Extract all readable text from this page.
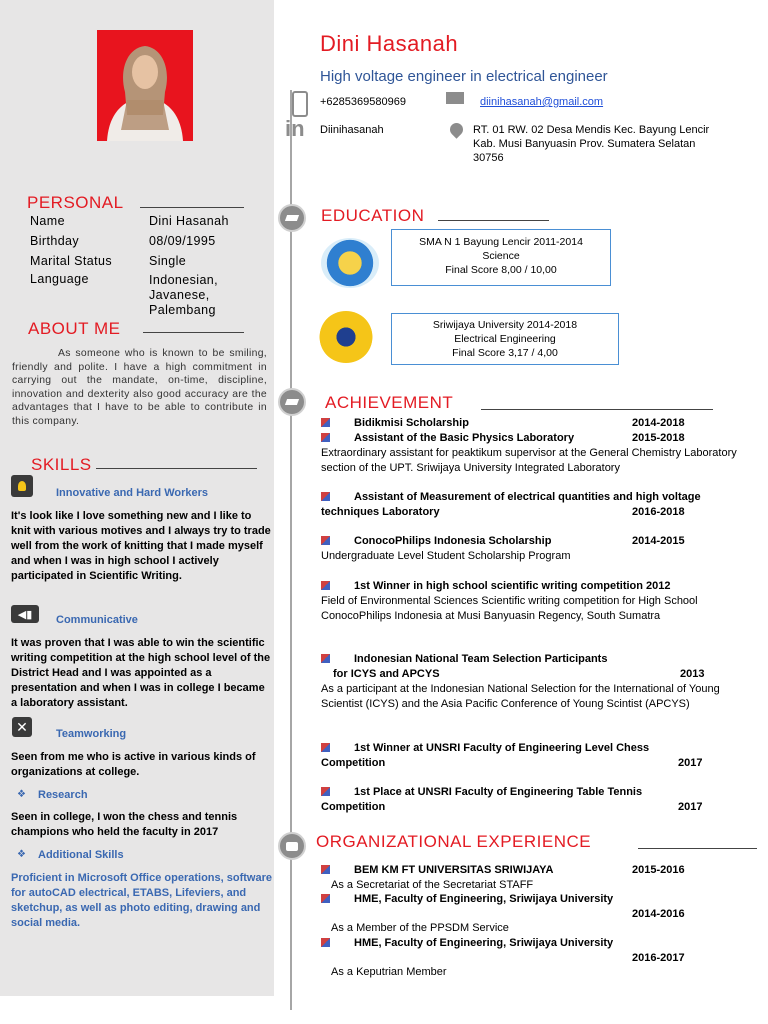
Dini Hasanah
High voltage engineer in electrical engineer
+6285369580969	diinihasanah@gmail.com
in Diinihasanah	RT. 01 RW. 02 Desa Mendis Kec. Bayung Lencir
Kab. Musi Banyuasin Prov. Sumatera Selatan
30756
PERSONAL
Name	Dini Hasanah
Birthday	08/09/1995
Marital Status	Single
Language	Indonesian,
Javanese,
Palembang
ABOUT ME
As someone who is known to be smiling, friendly and polite. I have a high commitment in carrying out the mandate, on-time, discipline, innovation and dexterity also good accuracy are the advantages that I have to be able to contribute in this company.
SKILLS
Innovative and Hard Workers
It's look like I love something new and I like to knit with various motives and I always try to trade well from the work of knitting that I made myself and when I was in high school I actively participated in Scientific Writing.
◀▮	Communicative
It was proven that I was able to win the scientific writing competition at the high school level of the District Head and I was appointed as a presentation and when I was in college I became a laboratory assistant.
✕	Teamworking
Seen from me who is active in various kinds of organizations at college.
❖ Research
Seen in college, I won the chess and tennis champions who held the faculty in 2017
❖ Additional Skills
Proficient in Microsoft Office operations, software for autoCAD electrical, ETABS, Lifeviers, and sketchup, as well as photo editing, drawing and social media.
EDUCATION
SMA N 1 Bayung Lencir 2011-2014
Science
Final Score 8,00 / 10,00
Sriwijaya University 2014-2018
Electrical Engineering
Final Score 3,17 / 4,00
ACHIEVEMENT
Bidikmisi Scholarship	2014-2018
Assistant of the Basic Physics Laboratory	2015-2018
Extraordinary assistant for peaktikum supervisor at the General Chemistry Laboratory section of the UPT. Sriwijaya University Integrated Laboratory
Assistant of Measurement of electrical quantities and high voltage techniques Laboratory	2016-2018
ConocoPhilips Indonesia Scholarship	2014-2015
Undergraduate Level Student Scholarship Program
1st Winner in high school scientific writing competition 2012
Field of Environmental Sciences Scientific writing competition for High School ConocoPhilips Indonesia at Musi Banyuasin Regency, South Sumatra
Indonesian National Team Selection Participants
for ICYS and APCYS	2013
As a participant at the Indonesian National Selection for the International of Young Scientist (ICYS) and the Asia Pacific Conference of Young Scintist (APCYS)
1st Winner at UNSRI Faculty of Engineering Level Chess
Competition	2017
1st Place at UNSRI Faculty of Engineering Table Tennis
Competition	2017
ORGANIZATIONAL EXPERIENCE
BEM KM FT UNIVERSITAS SRIWIJAYA	2015-2016
As a Secretariat of the Secretariat STAFF
HME, Faculty of Engineering, Sriwijaya University
2014-2016
As a Member of the PPSDM Service
HME, Faculty of Engineering, Sriwijaya University
2016-2017
As a Keputrian Member
